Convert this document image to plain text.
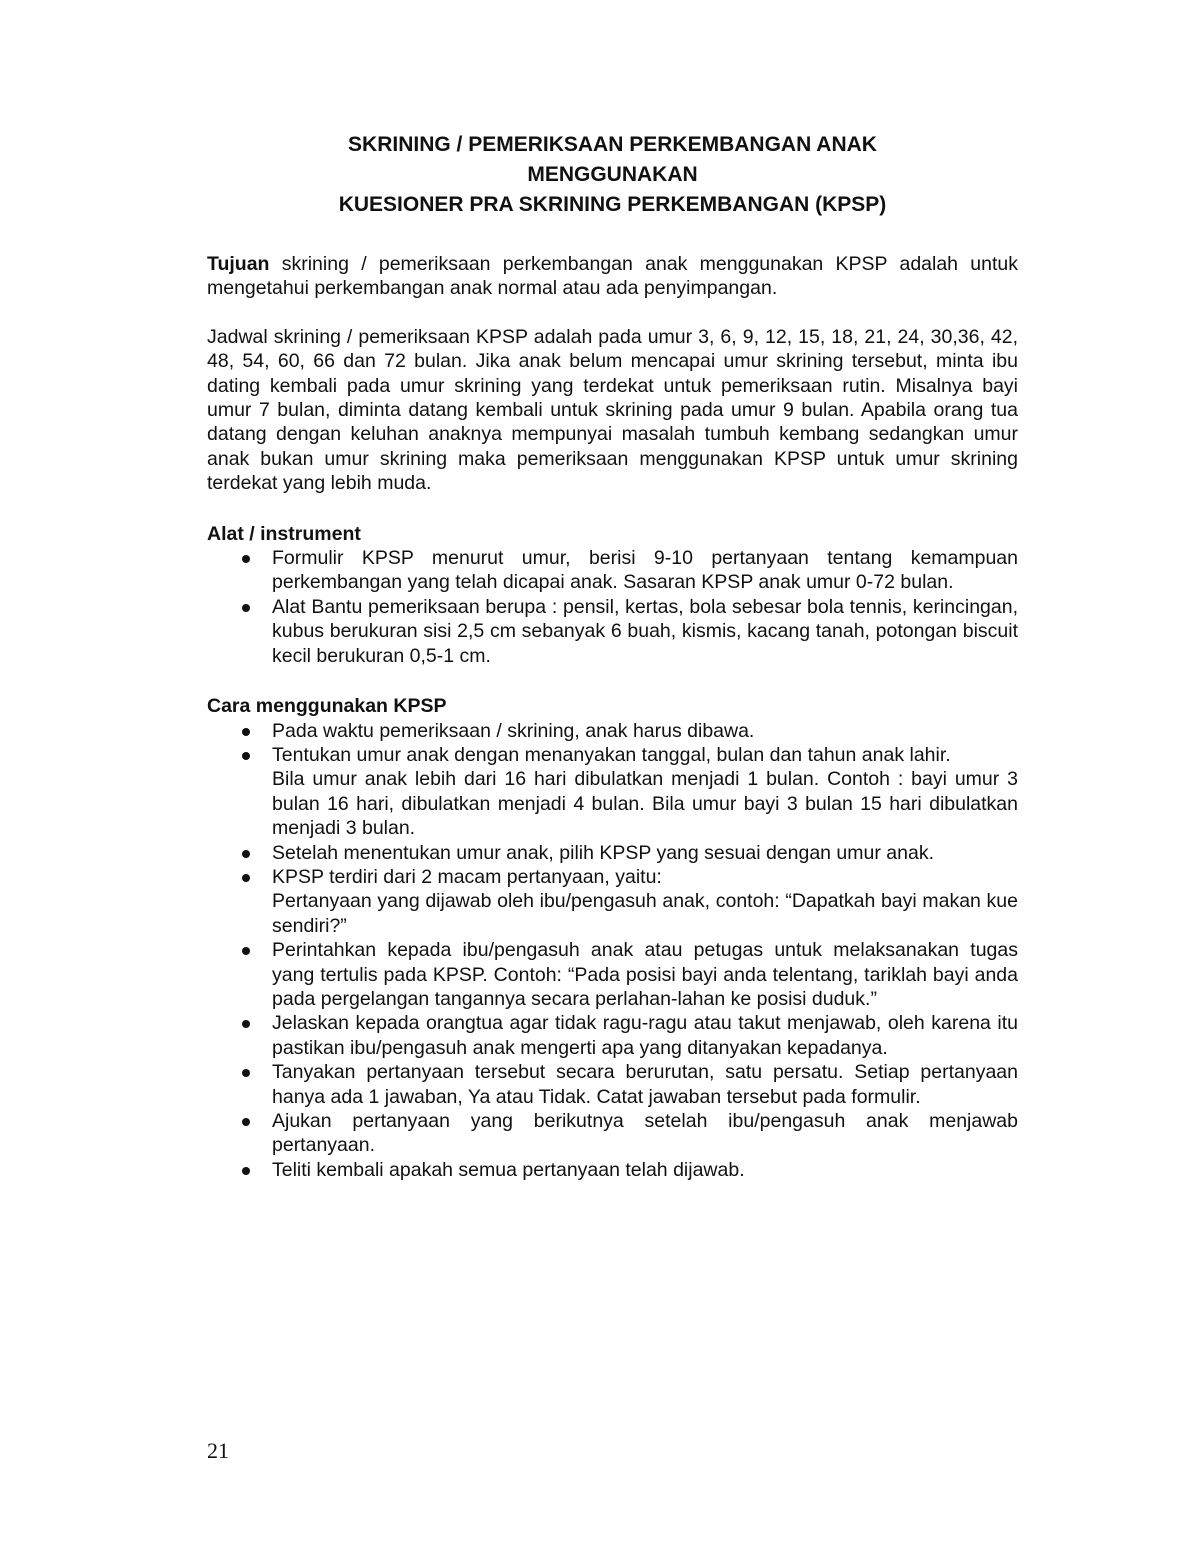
SKRINING / PEMERIKSAAN PERKEMBANGAN ANAK
MENGGUNAKAN
KUESIONER PRA SKRINING PERKEMBANGAN (KPSP)

Tujuan skrining / pemeriksaan perkembangan anak menggunakan KPSP adalah untuk mengetahui perkembangan anak normal atau ada penyimpangan.

Jadwal skrining / pemeriksaan KPSP adalah pada umur 3, 6, 9, 12, 15, 18, 21, 24, 30,36, 42, 48, 54, 60, 66 dan 72 bulan. Jika anak belum mencapai umur skrining tersebut, minta ibu dating kembali pada umur skrining yang terdekat untuk pemeriksaan rutin. Misalnya bayi umur 7 bulan, diminta datang kembali untuk skrining pada umur 9 bulan. Apabila orang tua datang dengan keluhan anaknya mempunyai masalah tumbuh kembang sedangkan umur anak bukan umur skrining maka pemeriksaan menggunakan KPSP untuk umur skrining terdekat yang lebih muda.

Alat / instrument
Formulir KPSP menurut umur, berisi 9-10 pertanyaan tentang kemampuan perkembangan yang telah dicapai anak. Sasaran KPSP anak umur 0-72 bulan.
Alat Bantu pemeriksaan berupa : pensil, kertas, bola sebesar bola tennis, kerincingan, kubus berukuran sisi 2,5 cm sebanyak 6 buah, kismis, kacang tanah, potongan biscuit kecil berukuran 0,5-1 cm.
Cara menggunakan KPSP
Pada waktu pemeriksaan / skrining, anak harus dibawa.
Tentukan umur anak dengan menanyakan tanggal, bulan dan tahun anak lahir.
Bila umur anak lebih dari 16 hari dibulatkan menjadi 1 bulan. Contoh : bayi umur 3 bulan 16 hari, dibulatkan menjadi 4 bulan. Bila umur bayi 3 bulan 15 hari dibulatkan menjadi 3 bulan.
Setelah menentukan umur anak, pilih KPSP yang sesuai dengan umur anak.
KPSP terdiri dari 2 macam pertanyaan, yaitu:
Pertanyaan yang dijawab oleh ibu/pengasuh anak, contoh: “Dapatkah bayi makan kue sendiri?”
Perintahkan kepada ibu/pengasuh anak atau petugas untuk melaksanakan tugas yang tertulis pada KPSP. Contoh: “Pada posisi bayi anda telentang, tariklah bayi anda pada pergelangan tangannya secara perlahan-lahan ke posisi duduk.”
Jelaskan kepada orangtua agar tidak ragu-ragu atau takut menjawab, oleh karena itu pastikan ibu/pengasuh anak mengerti apa yang ditanyakan kepadanya.
Tanyakan pertanyaan tersebut secara berurutan, satu persatu. Setiap pertanyaan hanya ada 1 jawaban, Ya atau Tidak. Catat jawaban tersebut pada formulir.
Ajukan pertanyaan yang berikutnya setelah ibu/pengasuh anak menjawab pertanyaan.
Teliti kembali apakah semua pertanyaan telah dijawab.
21
